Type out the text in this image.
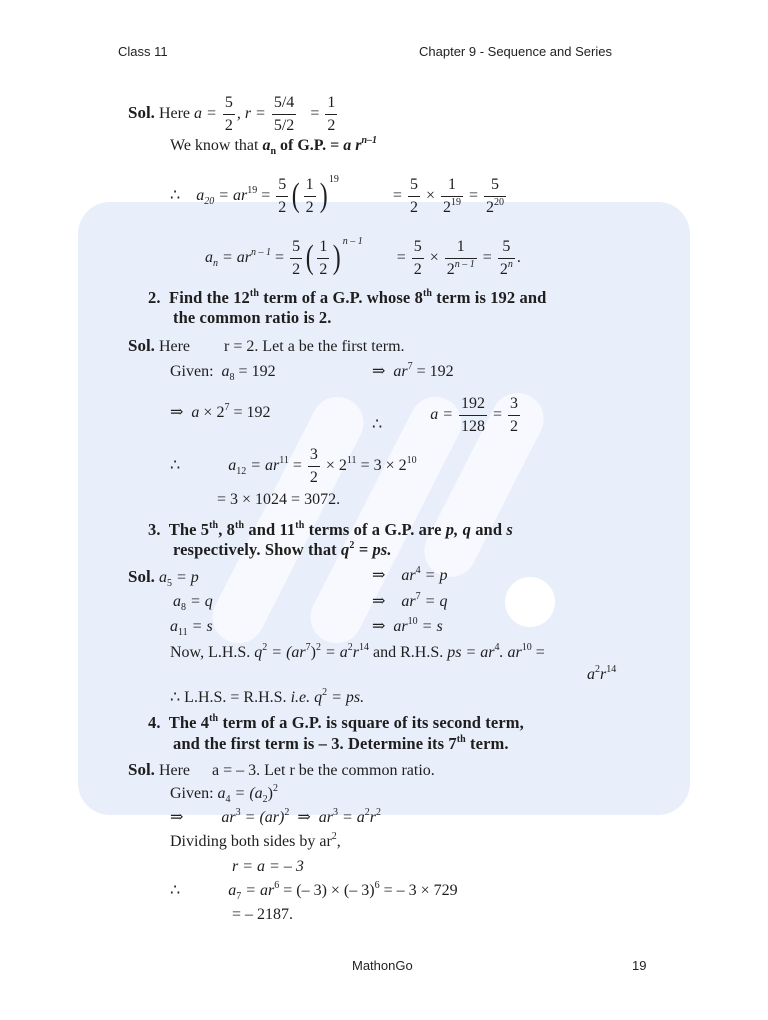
Class 11	Chapter 9 - Sequence and Series
Sol. Here $a = \frac{5}{2}$ , $r = \frac{5/4}{5/2} = \frac{1}{2}$
We know that $a_n$ of G.P. = a $r^{n-1}$
∴ $a_{20} = ar^{19} = \frac{5}{2}$ ( $\frac{1}{2}$ ) $^{19} = \frac{5}{2} \times \frac{1}{2^{19}} = \frac{5}{2^{20}}$
$a_n = ar^{n - 1} = \frac{5}{2}$ ( $\frac{1}{2}$ ) $^{n - 1} = \frac{5}{2} \times \frac{1}{2^{n - 1}} = \frac{5}{2^n}$ .
2. Find the 12th term of a G.P. whose 8th term is 192 and
the common ratio is 2.
Sol. Here r = 2. Let a be the first term.
Given: $a_8 = 192$	⇒ $ar^7 = 192$
⇒ $a \times 2^7 = 192$
∴  $a = \frac{192}{128} = \frac{3}{2}$
∴	$a_{12} = ar^{11} = \frac{3}{2} \times 2^{11} = 3 \times 2^{10}$
= 3 × 1024 = 3072.
3. The 5th, 8th and 11th terms of a G.P. are p, q and s
respectively. Show that $q^2$ = ps.
Sol. $a_5 = p$	⇒ $ar^4 = p$
$a_8 = q$	⇒ $ar^7 = q$
$a_{11} = s$	⇒ $ar^{10} = s$
Now, L.H.S. $q^2 = (ar^7)^2 = a^2r^{14}$ and R.H.S. ps = $ar^4$. $ar^{10}$ =
$a^2r^{14}$
∴ L.H.S. = R.H.S. i.e. $q^2$ = ps.
4. The 4th term of a G.P. is square of its second term,
and the first term is – 3. Determine its 7th term.
Sol. Here a = – 3. Let r be the common ratio.
Given: $a_4 = (a_2)^2$
⇒ $ar^3 = (ar)^2$ ⇒ $ar^3 = a^2r^2$
Dividing both sides by $ar^2$,
r = a = – 3
∴	$a_7 = ar^6$ = (– 3) × (– 3)$^6$ = – 3 × 729
= – 2187.
MathonGo	19
